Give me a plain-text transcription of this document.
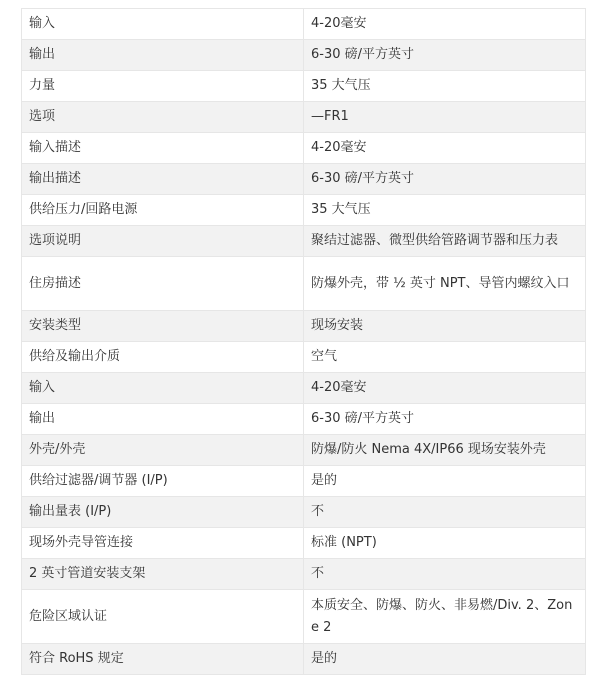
输入	4-20毫安
输出	6-30 磅/平方英寸
力量	35 大气压
选项	—FR1
输入描述	4-20毫安
输出描述	6-30 磅/平方英寸
供给压力/回路电源	35 大气压
选项说明	聚结过滤器、微型供给管路调节器和压力表
住房描述	防爆外壳，带 ½ 英寸 NPT、导管内螺纹入口
安装类型	现场安装
供给及输出介质	空气
输入	4-20毫安
输出	6-30 磅/平方英寸
外壳/外壳	防爆/防火 Nema 4X/IP66 现场安装外壳
供给过滤器/调节器 (I/P)	是的
输出量表 (I/P)	不
现场外壳导管连接	标准 (NPT)
2 英寸管道安装支架	不
危险区域认证	本质安全、防爆、防火、非易燃/Div. 2、Zone 2
符合 RoHS 规定	是的
